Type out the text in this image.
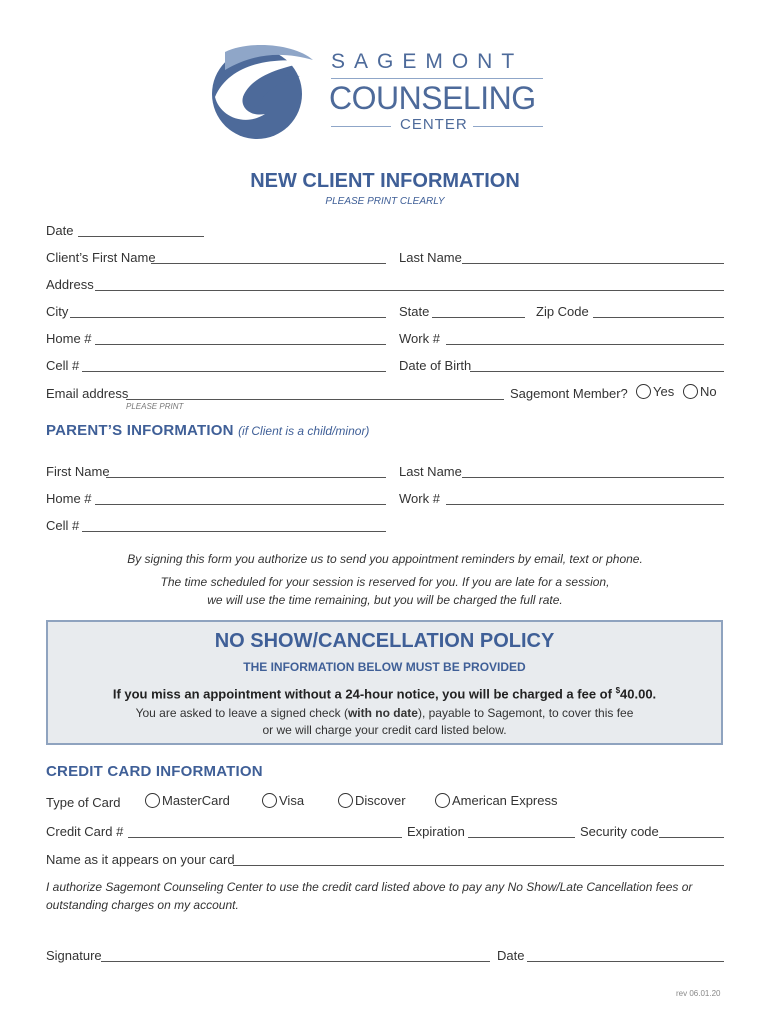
SAGEMONT
COUNSELING
CENTER
NEW CLIENT INFORMATION
PLEASE PRINT CLEARLY
Date
Client’s First Name	Last Name
Address
City	State	Zip Code
Home #	Work #
Cell #	Date of Birth
Email address
PLEASE PRINT
Sagemont Member?	Yes	No
PARENT’S INFORMATION (if Client is a child/minor)
First Name	Last Name
Home #	Work #
Cell #
By signing this form you authorize us to send you appointment reminders by email, text or phone.
The time scheduled for your session is reserved for you. If you are late for a session,
we will use the time remaining, but you will be charged the full rate.
NO SHOW/CANCELLATION POLICY
THE INFORMATION BELOW MUST BE PROVIDED
If you miss an appointment without a 24-hour notice, you will be charged a fee of $40.00.
You are asked to leave a signed check (with no date), payable to Sagemont, to cover this fee
or we will charge your credit card listed below.
CREDIT CARD INFORMATION
Type of Card	MasterCard	Visa	Discover	American Express
Credit Card #	Expiration	Security code
Name as it appears on your card
I authorize Sagemont Counseling Center to use the credit card listed above to pay any No Show/Late Cancellation fees or
outstanding charges on my account.
Signature	Date
rev 06.01.20
